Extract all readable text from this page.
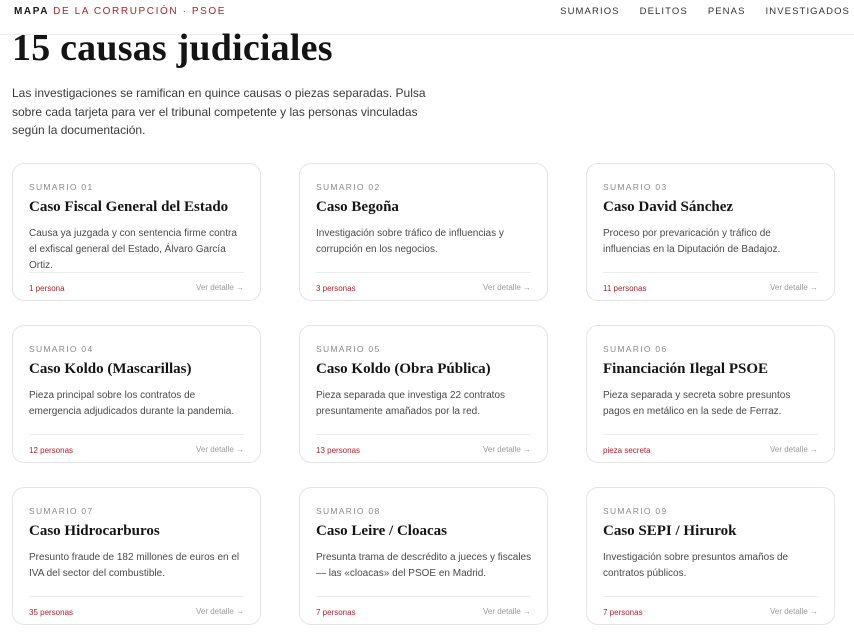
MAPA DE LA CORRUPCIÓN · PSOE	SUMARIOS DELITOS PENAS INVESTIGADOS
15 causas judiciales

Las investigaciones se ramifican en quince causas o piezas separadas. Pulsa sobre cada tarjeta para ver el tribunal competente y las personas vinculadas según la documentación.

SUMARIO 01
Caso Fiscal General del Estado

Causa ya juzgada y con sentencia firme contra el exfiscal general del Estado, Álvaro García Ortiz.

1 persona	Ver detalle →
SUMARIO 02
Caso Begoña

Investigación sobre tráfico de influencias y corrupción en los negocios.

3 personas	Ver detalle →
SUMARIO 03
Caso David Sánchez

Proceso por prevaricación y tráfico de influencias en la Diputación de Badajoz.

11 personas	Ver detalle →
SUMARIO 04
Caso Koldo (Mascarillas)

Pieza principal sobre los contratos de emergencia adjudicados durante la pandemia.

12 personas	Ver detalle →
SUMARIO 05
Caso Koldo (Obra Pública)

Pieza separada que investiga 22 contratos presuntamente amañados por la red.

13 personas	Ver detalle →
SUMARIO 06
Financiación Ilegal PSOE

Pieza separada y secreta sobre presuntos pagos en metálico en la sede de Ferraz.

pieza secreta	Ver detalle →
SUMARIO 07
Caso Hidrocarburos

Presunto fraude de 182 millones de euros en el IVA del sector del combustible.

35 personas	Ver detalle →
SUMARIO 08
Caso Leire / Cloacas

Presunta trama de descrédito a jueces y fiscales — las «cloacas» del PSOE en Madrid.

7 personas	Ver detalle →
SUMARIO 09
Caso SEPI / Hirurok

Investigación sobre presuntos amaños de contratos públicos.

7 personas	Ver detalle →
